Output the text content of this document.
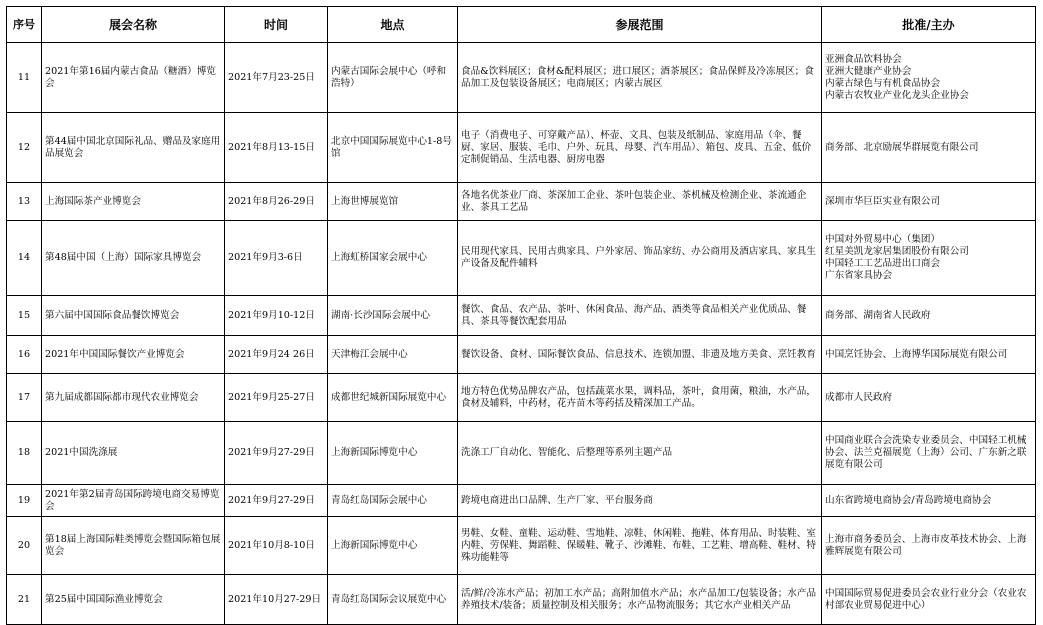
序号	展会名称	时间	地点	参展范围	批准/主办
11	2021年第16届内蒙古食品（糖酒）博览会	2021年7月23-25日	内蒙古国际会展中心（呼和浩特）	食品&饮料展区；食材&配料展区；进口展区；酒茶展区；食品保鲜及冷冻展区；食品加工及包装设备展区；电商展区；内蒙古展区	亚洲食品饮料协会
亚洲大健康产业协会
内蒙古绿色与有机食品协会
内蒙古农牧业产业化龙头企业协会
12	第44届中国北京国际礼品、赠品及家庭用品展览会	2021年8月13-15日	北京中国国际展览中心1-8号馆	电子（消费电子、可穿戴产品）、杯壶、文具、包装及纸制品、家庭用品（伞、餐厨、家居、服装、毛巾、户外、玩具、母婴、汽车用品）、箱包、皮具、五金、低价定制促销品、生活电器、厨房电器	商务部、北京励展华群展览有限公司
13	上海国际茶产业博览会	2021年8月26-29日	上海世博展览馆	各地名优茶业厂商、茶深加工企业、茶叶包装企业、茶机械及检测企业、茶流通企业、茶具工艺品	深圳市华巨臣实业有限公司
14	第48届中国（上海）国际家具博览会	2021年9月3-6日	上海虹桥国家会展中心	民用现代家具、民用古典家具、户外家居、饰品家纺、办公商用及酒店家具、家具生产设备及配件辅料	中国对外贸易中心（集团）
红星美凯龙家居集团股份有限公司
中国轻工工艺品进出口商会
广东省家具协会
15	第六届中国国际食品餐饮博览会	2021年9月10-12日	湖南·长沙国际会展中心	餐饮、食品、农产品、茶叶、休闲食品、海产品、酒类等食品相关产业优质品、餐具、茶具等餐饮配套用品	商务部、湖南省人民政府
16	2021年中国国际餐饮产业博览会	2021年9月24 26日	天津梅江会展中心	餐饮设备、食材、国际餐饮食品、信息技术、连锁加盟、非遗及地方美食、烹饪教育	中国烹饪协会、上海博华国际展览有限公司
17	第九届成都国际都市现代农业博览会	2021年9月25-27日	成都世纪城新国际展览中心	地方特色优势品牌农产品，包括蔬菜水果，调料品，茶叶，食用菌，粮油，水产品，食材及辅料，中药材，花卉苗木等药括及精深加工产品。	成都市人民政府
18	2021中国洗涤展	2021年9月27-29日	上海新国际博览中心	洗涤工厂自动化、智能化、后整理等系列主题产品	中国商业联合会洗染专业委员会、中国轻工机械协会、法兰克福展览（上海）公司、广东新之联展览有限公司
19	2021年第2届青岛国际跨境电商交易博览会	2021年9月27-29日	青岛红岛国际会展中心	跨境电商进出口品牌、生产厂家、平台服务商	山东省跨境电商协会/青岛跨境电商协会
20	第18届上海国际鞋类博览会暨国际箱包展览会	2021年10月8-10日	上海新国际博览中心	男鞋、女鞋、童鞋、运动鞋、雪地鞋、凉鞋、休闲鞋、拖鞋、体育用品、时装鞋、室内鞋、劳保鞋、舞蹈鞋、保暖鞋、靴子、沙滩鞋、布鞋、工艺鞋、增高鞋、鞋材、特殊功能鞋等	上海市商务委员会、上海市皮革技术协会、上海雅辉展览有限公司
21	第25届中国国际渔业博览会	2021年10月27-29日	青岛红岛国际会议展览中心	活/鲜/冷冻水产品；初加工水产品；高附加值水产品；水产品加工/包装设备；水产品养殖技术/装备；质量控制及相关服务；水产品物流服务；其它水产业相关产品	中国国际贸易促进委员会农业行业分会（农业农村部农业贸易促进中心）
